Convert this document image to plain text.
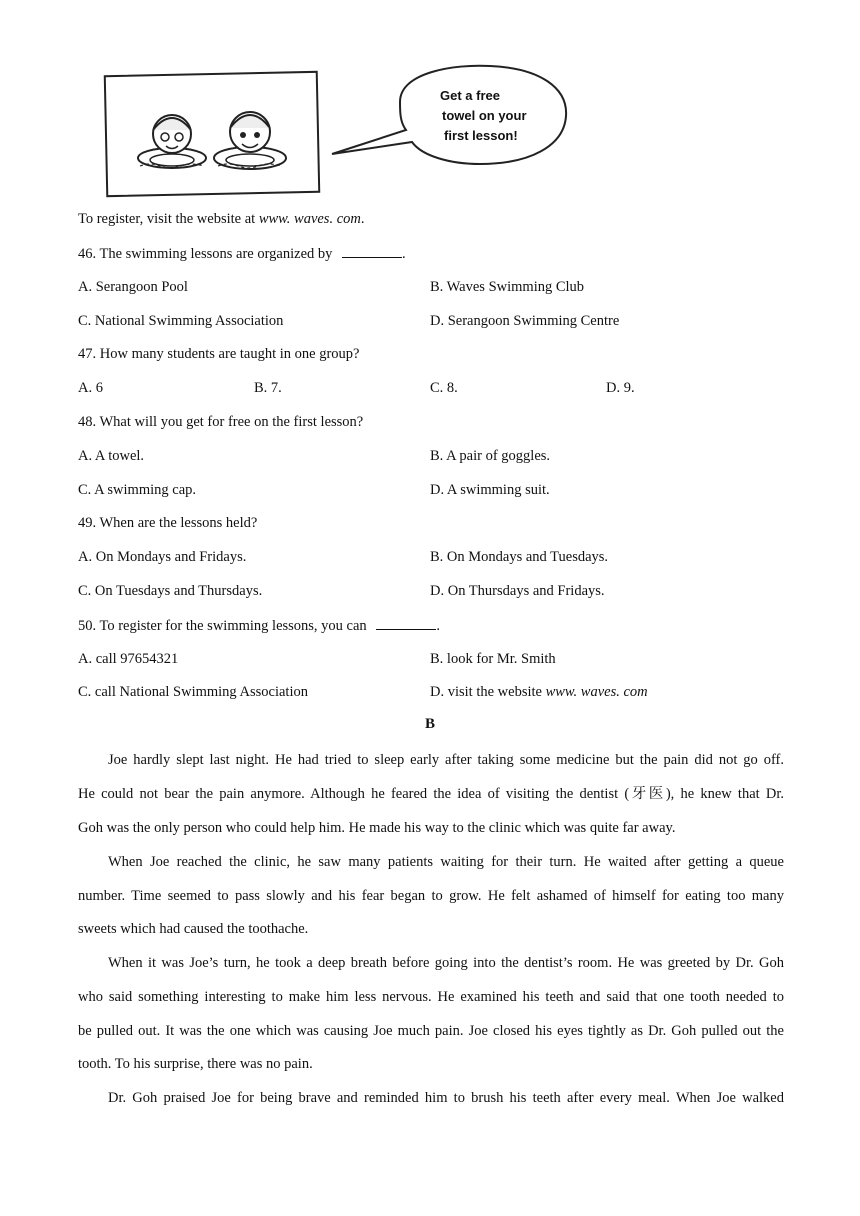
Get a free
towel on your
first lesson!
To register, visit the website at www. waves. com.
46. The swimming lessons are organized by	.
A. Serangoon Pool	B. Waves Swimming Club
C. National Swimming Association	D. Serangoon Swimming Centre
47. How many students are taught in one group?
A. 6	B. 7.	C. 8.	D. 9.
48. What will you get for free on the first lesson?
A. A towel.	B. A pair of goggles.
C. A swimming cap.	D. A swimming suit.
49. When are the lessons held?
A. On Mondays and Fridays.	B. On Mondays and Tuesdays.
C. On Tuesdays and Thursdays.	D. On Thursdays and Fridays.
50. To register for the swimming lessons, you can	.
A. call 97654321	B. look for Mr. Smith
C. call National Swimming Association	D. visit the website www. waves. com
B
Joe hardly slept last night. He had tried to sleep early after taking some medicine but the pain did not go off.
He could not bear the pain anymore. Although he feared the idea of visiting the dentist (牙医), he knew that Dr.
Goh was the only person who could help him. He made his way to the clinic which was quite far away.
When Joe reached the clinic, he saw many patients waiting for their turn. He waited after getting a queue
number. Time seemed to pass slowly and his fear began to grow. He felt ashamed of himself for eating too many
sweets which had caused the toothache.
When it was Joe’s turn, he took a deep breath before going into the dentist’s room. He was greeted by Dr. Goh
who said something interesting to make him less nervous. He examined his teeth and said that one tooth needed to
be pulled out. It was the one which was causing Joe much pain. Joe closed his eyes tightly as Dr. Goh pulled out the
tooth. To his surprise, there was no pain.
Dr. Goh praised Joe for being brave and reminded him to brush his teeth after every meal. When Joe walked
